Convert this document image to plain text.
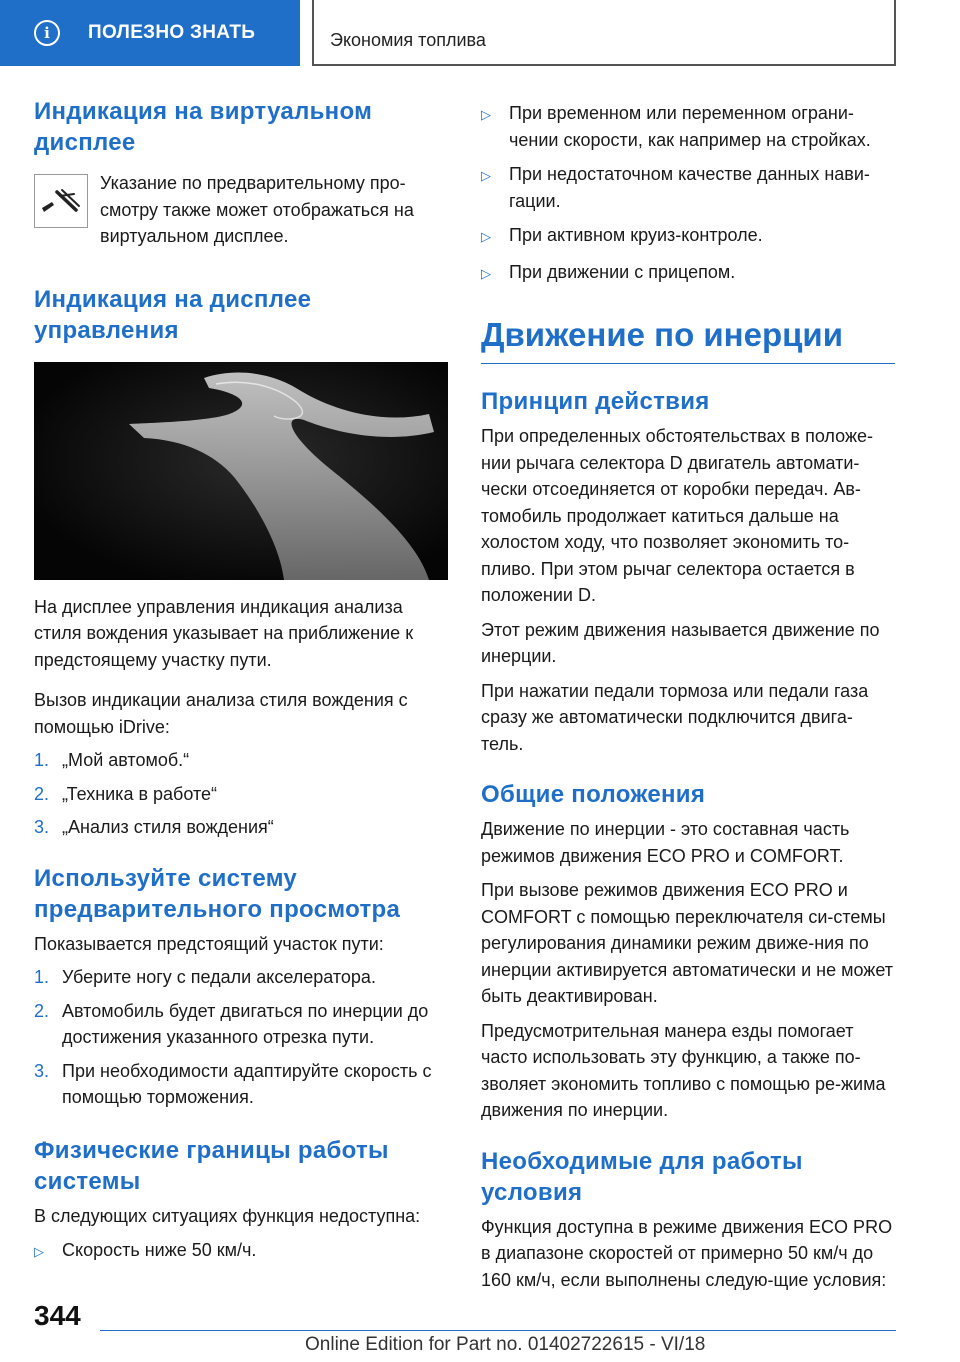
i	ПОЛЕЗНО ЗНАТЬ	Экономия топлива
Индикация на виртуальном дисплее

Указание по предварительному про-смотру также может отображаться на виртуальном дисплее.

Индикация на дисплее управления

На дисплее управления индикация анализа стиля вождения указывает на приближение к предстоящему участку пути.

Вызов индикации анализа стиля вождения с помощью iDrive:

1. „Мой автомоб.“
2. „Техника в работе“
3. „Анализ стиля вождения“
Используйте систему предварительного просмотра

Показывается предстоящий участок пути:

1. Уберите ногу с педали акселератора.
2. Автомобиль будет двигаться по инерции до достижения указанного отрезка пути.
3. При необходимости адаптируйте скорость с помощью торможения.
Физические границы работы системы

В следующих ситуациях функция недоступна:

▷	Скорость ниже 50 км/ч.
▷	При временном или переменном ограни-чении скорости, как например на стройках.
▷	При недостаточном качестве данных нави-гации.
▷	При активном круиз-контроле.
▷	При движении с прицепом.
Движение по инерции
Принцип действия

При определенных обстоятельствах в положе-нии рычага селектора D двигатель автомати-чески отсоединяется от коробки передач. Ав-томобиль продолжает катиться дальше на холостом ходу, что позволяет экономить то-пливо. При этом рычаг селектора остается в положении D.

Этот режим движения называется движение по инерции.

При нажатии педали тормоза или педали газа сразу же автоматически подключится двига-тель.

Общие положения

Движение по инерции - это составная часть режимов движения ECO PRO и COMFORT.

При вызове режимов движения ECO PRO и COMFORT с помощью переключателя си-стемы регулирования динамики режим движе-ния по инерции активируется автоматически и не может быть деактивирован.

Предусмотрительная манера езды помогает часто использовать эту функцию, а также по-зволяет экономить топливо с помощью ре-жима движения по инерции.

Необходимые для работы условия

Функция доступна в режиме движения ECO PRO в диапазоне скоростей от примерно 50 км/ч до 160 км/ч, если выполнены следую-щие условия:

344
Online Edition for Part no. 01402722615 - VI/18
